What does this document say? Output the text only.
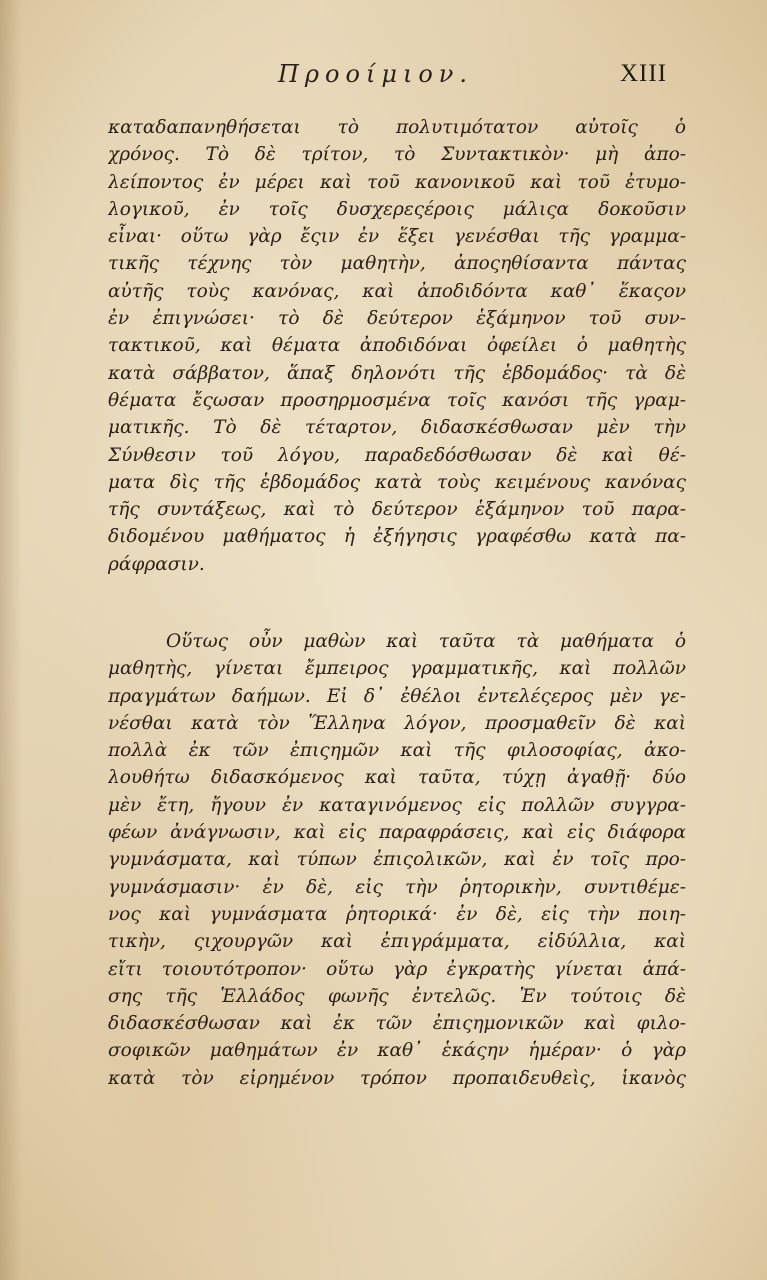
Προοίμιον.	XIII
καταδαπανηθήσεται τὸ πολυτιμότατον αὐτοῖς ὁ
χρόνος. Τὸ δὲ τρίτον, τὸ Συντακτικὸν· μὴ ἀπο-
λείποντος ἐν μέρει καὶ τοῦ κανονικοῦ καὶ τοῦ ἐτυμο-
λογικοῦ, ἐν τοῖς δυσχερεςέροις μάλιςα δοκοῦσιν
εἶναι· οὕτω γὰρ ἔςιν ἐν ἕξει γενέσθαι τῆς γραμμα-
τικῆς τέχνης τὸν μαθητὴν, ἀποςηθίσαντα πάντας
αὐτῆς τοὺς κανόνας, καὶ ἀποδιδόντα καθ᾽ ἕκαςον
ἐν ἐπιγνώσει· τὸ δὲ δεύτερον ἑξάμηνον τοῦ συν-
τακτικοῦ, καὶ θέματα ἀποδιδόναι ὀφείλει ὁ μαθητὴς
κατὰ σάββατον, ἅπαξ δηλονότι τῆς ἑβδομάδος· τὰ δὲ
θέματα ἔςωσαν προσηρμοσμένα τοῖς κανόσι τῆς γραμ-
ματικῆς. Τὸ δὲ τέταρτον, διδασκέσθωσαν μὲν τὴν
Σύνθεσιν τοῦ λόγου, παραδεδόσθωσαν δὲ καὶ θέ-
ματα δὶς τῆς ἑβδομάδος κατὰ τοὺς κειμένους κανόνας
τῆς συντάξεως, καὶ τὸ δεύτερον ἑξάμηνον τοῦ παρα-
διδομένου μαθήματος ἡ ἐξήγησις γραφέσθω κατὰ πα-
ράφρασιν.
Οὕτως οὖν μαθὼν καὶ ταῦτα τὰ μαθήματα ὁ
μαθητὴς, γίνεται ἔμπειρος γραμματικῆς, καὶ πολλῶν
πραγμάτων δαήμων. Εἰ δ᾽ ἐθέλοι ἐντελέςερος μὲν γε-
νέσθαι κατὰ τὸν Ἕλληνα λόγον, προσμαθεῖν δὲ καὶ
πολλὰ ἐκ τῶν ἐπιςημῶν καὶ τῆς φιλοσοφίας, ἀκο-
λουθήτω διδασκόμενος καὶ ταῦτα, τύχῃ ἀγαθῇ· δύο
μὲν ἔτη, ἤγουν ἐν καταγινόμενος εἰς πολλῶν συγγρα-
φέων ἀνάγνωσιν, καὶ εἰς παραφράσεις, καὶ εἰς διάφορα
γυμνάσματα, καὶ τύπων ἐπιςολικῶν, καὶ ἐν τοῖς προ-
γυμνάσμασιν· ἐν δὲ, εἰς τὴν ῥητορικὴν, συντιθέμε-
νος καὶ γυμνάσματα ῥητορικά· ἐν δὲ, εἰς τὴν ποιη-
τικὴν, ςιχουργῶν καὶ ἐπιγράμματα, εἰδύλλια, καὶ
εἴτι τοιουτότροπον· οὕτω γὰρ ἐγκρατὴς γίνεται ἁπά-
σης τῆς Ἑλλάδος φωνῆς ἐντελῶς. Ἐν τούτοις δὲ
διδασκέσθωσαν καὶ ἐκ τῶν ἐπιςημονικῶν καὶ φιλο-
σοφικῶν μαθημάτων ἐν καθ᾽ ἑκάςην ἡμέραν· ὁ γὰρ
κατὰ τὸν εἰρημένον τρόπον προπαιδευθεὶς, ἱκανὸς
